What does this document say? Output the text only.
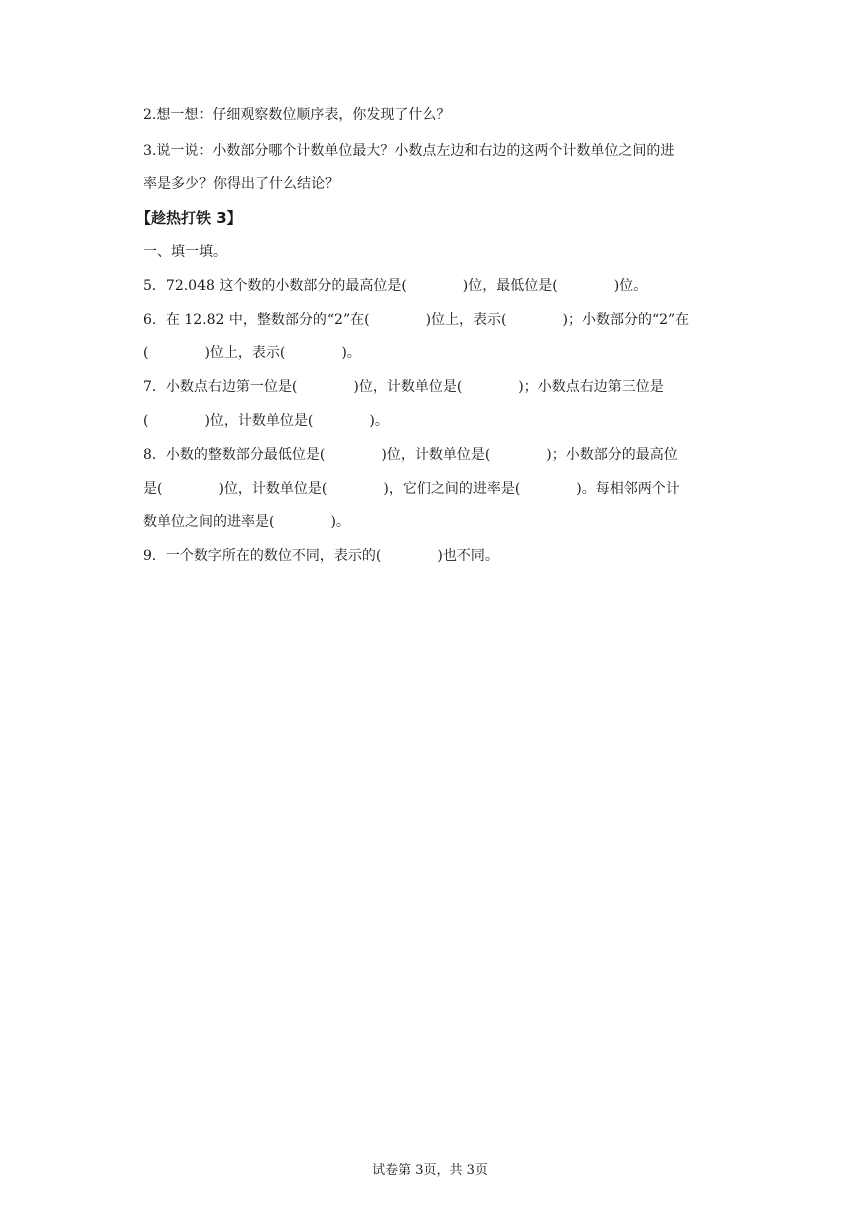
2.想一想：仔细观察数位顺序表，你发现了什么？
3.说一说：小数部分哪个计数单位最大？小数点左边和右边的这两个计数单位之间的进
率是多少？你得出了什么结论？
【趁热打铁 3】
一、填一填。
5．72.048 这个数的小数部分的最高位是(　　　　)位，最低位是(　　　　)位。
6．在 12.82 中，整数部分的“2”在(　　　　)位上，表示(　　　　)；小数部分的“2”在
(　　　　)位上，表示(　　　　)。
7．小数点右边第一位是(　　　　)位，计数单位是(　　　　)；小数点右边第三位是
(　　　　)位，计数单位是(　　　　)。
8．小数的整数部分最低位是(　　　　)位，计数单位是(　　　　)；小数部分的最高位
是(　　　　)位，计数单位是(　　　　)，它们之间的进率是(　　　　)。每相邻两个计
数单位之间的进率是(　　　　)。
9．一个数字所在的数位不同，表示的(　　　　)也不同。
试卷第 3页，共 3页
